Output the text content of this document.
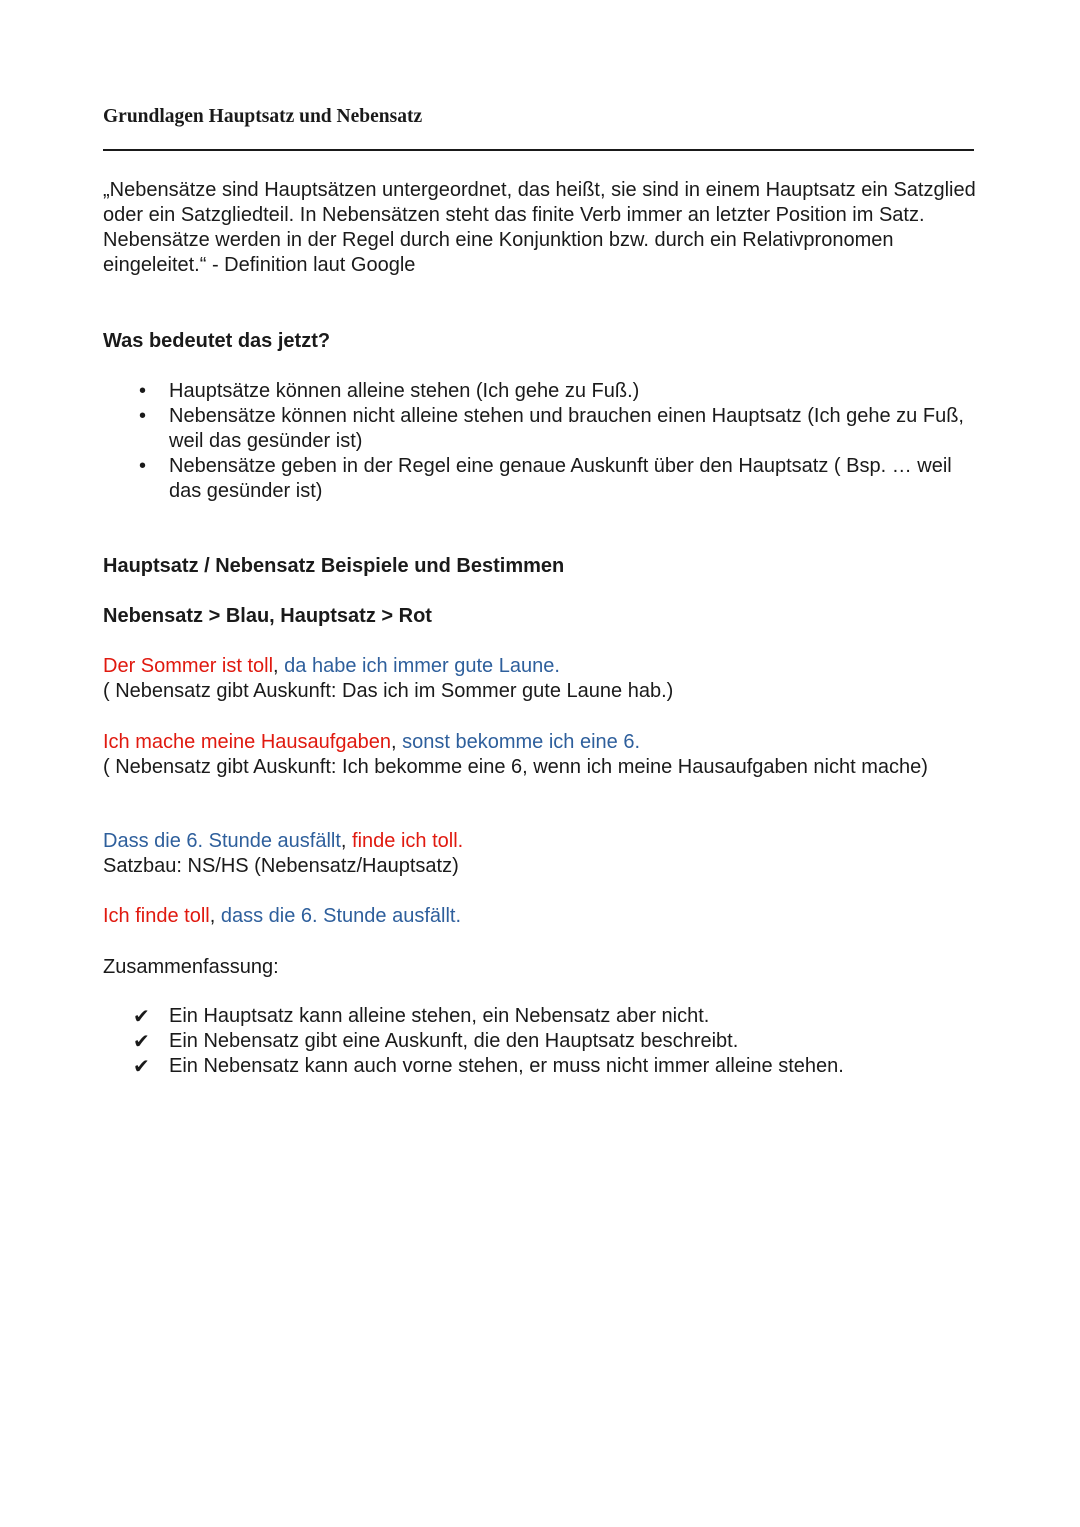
Grundlagen Hauptsatz und Nebensatz

„Nebensätze sind Hauptsätzen untergeordnet, das heißt, sie sind in einem Hauptsatz ein Satzglied oder ein Satzgliedteil. In Nebensätzen steht das finite Verb immer an letzter Position im Satz. Nebensätze werden in der Regel durch eine Konjunktion bzw. durch ein Relativpronomen eingeleitet.“ - Definition laut Google

Was bedeutet das jetzt?

• Hauptsätze können alleine stehen (Ich gehe zu Fuß.)
• Nebensätze können nicht alleine stehen und brauchen einen Hauptsatz (Ich gehe zu Fuß, weil das gesünder ist)
• Nebensätze geben in der Regel eine genaue Auskunft über den Hauptsatz ( Bsp. … weil das gesünder ist)

Hauptsatz / Nebensatz Beispiele und Bestimmen

Nebensatz > Blau, Hauptsatz > Rot

Der Sommer ist toll, da habe ich immer gute Laune.
( Nebensatz gibt Auskunft: Das ich im Sommer gute Laune hab.)
Ich mache meine Hausaufgaben, sonst bekomme ich eine 6.
( Nebensatz gibt Auskunft: Ich bekomme eine 6, wenn ich meine Hausaufgaben nicht mache)
Dass die 6. Stunde ausfällt, finde ich toll.
Satzbau: NS/HS (Nebensatz/Hauptsatz)
Ich finde toll, dass die 6. Stunde ausfällt.

Zusammenfassung:

✔ Ein Hauptsatz kann alleine stehen, ein Nebensatz aber nicht.
✔ Ein Nebensatz gibt eine Auskunft, die den Hauptsatz beschreibt.
✔ Ein Nebensatz kann auch vorne stehen, er muss nicht immer alleine stehen.
